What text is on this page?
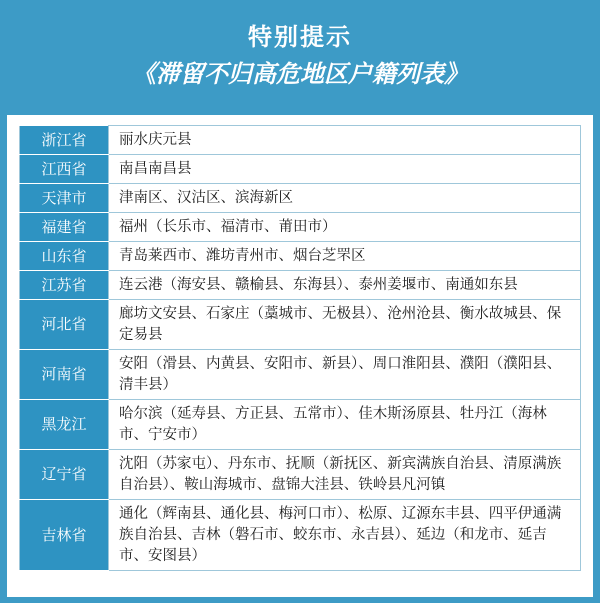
特别提示
《滞留不归高危地区户籍列表》
浙江省	丽水庆元县
江西省	南昌南昌县
天津市	津南区、汉沽区、滨海新区
福建省	福州（长乐市、福清市、莆田市）
山东省	青岛莱西市、潍坊青州市、烟台芝罘区
江苏省	连云港（海安县、赣榆县、东海县）、泰州姜堰市、南通如东县
河北省	廊坊文安县、石家庄（藁城市、无极县）、沧州沧县、衡水故城县、保定易县
河南省	安阳（滑县、内黄县、安阳市、新县）、周口淮阳县、濮阳（濮阳县、清丰县）
黑龙江	哈尔滨（延寿县、方正县、五常市）、佳木斯汤原县、牡丹江（海林市、宁安市）
辽宁省	沈阳（苏家屯）、丹东市、抚顺（新抚区、新宾满族自治县、清原满族自治县）、鞍山海城市、盘锦大洼县、铁岭县凡河镇
吉林省	通化（辉南县、通化县、梅河口市）、松原、辽源东丰县、四平伊通满族自治县、吉林（磐石市、蛟东市、永吉县）、延边（和龙市、延吉市、安图县）
